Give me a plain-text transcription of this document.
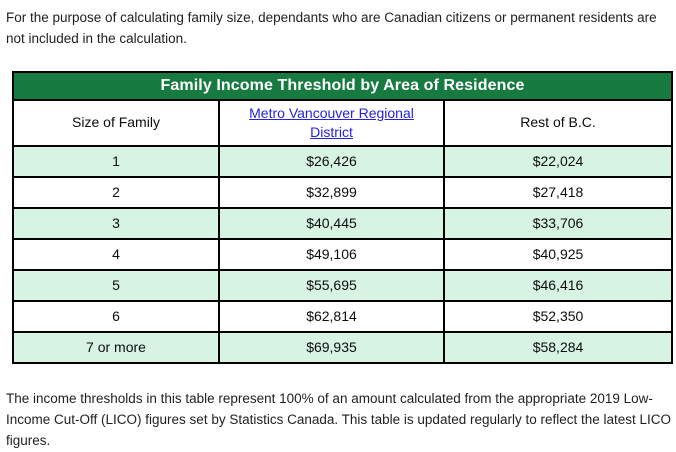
For the purpose of calculating family size, dependants who are Canadian citizens or permanent residents are not included in the calculation.
Family Income Threshold by Area of Residence		
Size of Family	Metro Vancouver Regional District	Rest of B.C.
1	$26,426	$22,024
2	$32,899	$27,418
3	$40,445	$33,706
4	$49,106	$40,925
5	$55,695	$46,416
6	$62,814	$52,350
7 or more	$69,935	$58,284
The income thresholds in this table represent 100% of an amount calculated from the appropriate 2019 Low-Income Cut-Off (LICO) figures set by Statistics Canada. This table is updated regularly to reflect the latest LICO figures.
